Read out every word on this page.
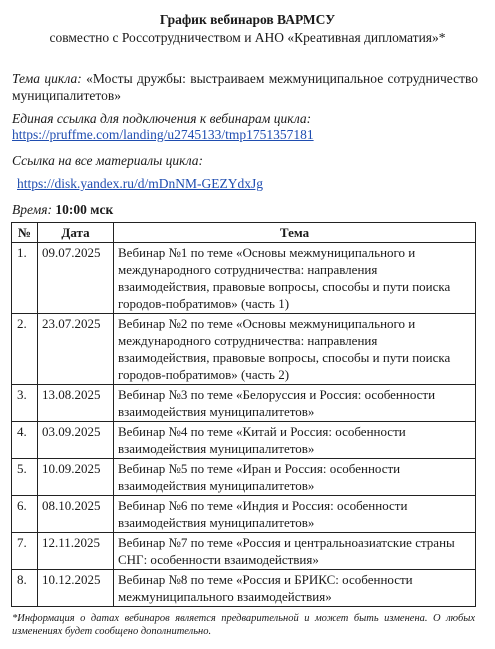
График вебинаров ВАРМСУ
совместно с Россотрудничеством и АНО «Креативная дипломатия»*
Тема цикла: «Мосты дружбы: выстраиваем межмуниципальное сотрудничество муниципалитетов»
Единая ссылка для подключения к вебинарам цикла:
https://pruffme.com/landing/u2745133/tmp1751357181
Ссылка на все материалы цикла:
https://disk.yandex.ru/d/mDnNM-GEZYdxJg
Время: 10:00 мск
№	Дата	Тема
1.	09.07.2025	Вебинар №1 по теме «Основы межмуниципального и международного сотрудничества: направления взаимодействия, правовые вопросы, способы и пути поиска городов-побратимов» (часть 1)
2.	23.07.2025	Вебинар №2 по теме «Основы межмуниципального и международного сотрудничества: направления взаимодействия, правовые вопросы, способы и пути поиска городов-побратимов» (часть 2)
3.	13.08.2025	Вебинар №3 по теме «Белоруссия и Россия: особенности взаимодействия муниципалитетов»
4.	03.09.2025	Вебинар №4 по теме «Китай и Россия: особенности взаимодействия муниципалитетов»
5.	10.09.2025	Вебинар №5 по теме «Иран и Россия: особенности взаимодействия муниципалитетов»
6.	08.10.2025	Вебинар №6 по теме «Индия и Россия: особенности взаимодействия муниципалитетов»
7.	12.11.2025	Вебинар №7 по теме «Россия и центральноазиатские страны СНГ: особенности взаимодействия»
8.	10.12.2025	Вебинар №8 по теме «Россия и БРИКС: особенности межмуниципального взаимодействия»
*Информация о датах вебинаров является предварительной и может быть изменена. О любых изменениях будет сообщено дополнительно.
